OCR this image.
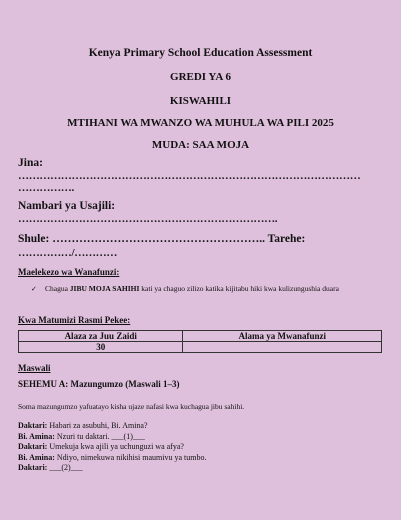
Kenya Primary School Education Assessment
GREDI YA 6
KISWAHILI
MTIHANI WA MWANZO WA MUHULA WA PILI 2025
MUDA: SAA MOJA
Jina:
……………………………………………………………………………………
…………….
Nambari ya Usajili:
……………………………………………………………….
Shule: ……………………………………………….. Tarehe:
……………/…………
Maelekezo wa Wanafunzi:
✓	Chagua JIBU MOJA SAHIHI kati ya chaguo zilizo katika kijitabu hiki kwa kulizungushia duara
Kwa Matumizi Rasmi Pekee:
Alaza za Juu Zaidi	Alama ya Mwanafunzi
30	
Maswali
SEHEMU A: Mazungumzo (Maswali 1–3)
Soma mazungumzo yafuatayo kisha ujaze nafasi kwa kuchagua jibu sahihi.
Daktari: Habari za asubuhi, Bi. Amina?
Bi. Amina: Nzuri tu daktari. ___(1)___
Daktari: Umekuja kwa ajili ya uchunguzi wa afya?
Bi. Amina: Ndiyo, nimekuwa nikihisi maumivu ya tumbo.
Daktari: ___(2)___
